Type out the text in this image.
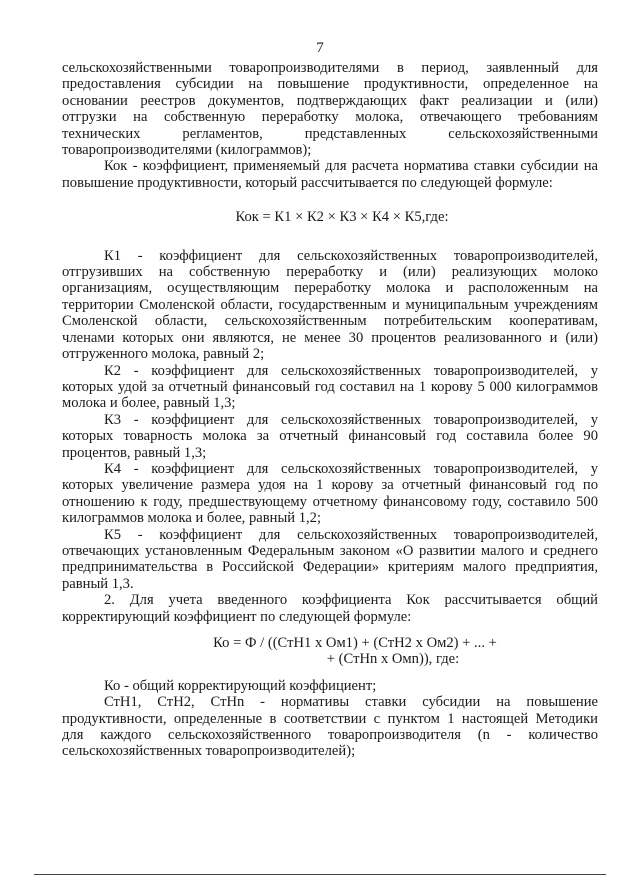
7

сельскохозяйственными товаропроизводителями в период, заявленный для

предоставления субсидии на повышение продуктивности, определенное на

основании реестров документов, подтверждающих факт реализации и (или)

отгрузки на собственную переработку молока, отвечающего требованиям

технических регламентов, представленных сельскохозяйственными

товаропроизводителями (килограммов);

Кок - коэффициент, применяемый для расчета норматива ставки субсидии на

повышение продуктивности, который рассчитывается по следующей формуле:

Кок = К1 × К2 × К3 × К4 × К5,где:

К1 - коэффициент для сельскохозяйственных товаропроизводителей,

отгрузивших на собственную переработку и (или) реализующих молоко

организациям, осуществляющим переработку молока и расположенным на

территории Смоленской области, государственным и муниципальным учреждениям

Смоленской области, сельскохозяйственным потребительским кооперативам,

членами которых они являются, не менее 30 процентов реализованного и (или)

отгруженного молока, равный 2;

К2 - коэффициент для сельскохозяйственных товаропроизводителей, у

которых удой за отчетный финансовый год составил на 1 корову 5 000 килограммов

молока и более, равный 1,3;

К3 - коэффициент для сельскохозяйственных товаропроизводителей, у

которых товарность молока за отчетный финансовый год составила более 90

процентов, равный 1,3;

К4 - коэффициент для сельскохозяйственных товаропроизводителей, у

которых увеличение размера удоя на 1 корову за отчетный финансовый год по

отношению к году, предшествующему отчетному финансовому году, составило 500

килограммов молока и более, равный 1,2;

К5 - коэффициент для сельскохозяйственных товаропроизводителей,

отвечающих установленным Федеральным законом «О развитии малого и среднего

предпринимательства в Российской Федерации» критериям малого предприятия,

равный 1,3.

2. Для учета введенного коэффициента Кок рассчитывается общий

корректирующий коэффициент по следующей формуле:

Ко = Ф / ((СтН1 х Ом1) + (СтН2 х Ом2) + ... +

+ (СтНn х Омn)), где:

Ко - общий корректирующий коэффициент;

СтН1, СтН2, СтНn - нормативы ставки субсидии на повышение

продуктивности, определенные в соответствии с пунктом 1 настоящей Методики

для каждого сельскохозяйственного товаропроизводителя (n - количество

сельскохозяйственных товаропроизводителей);
